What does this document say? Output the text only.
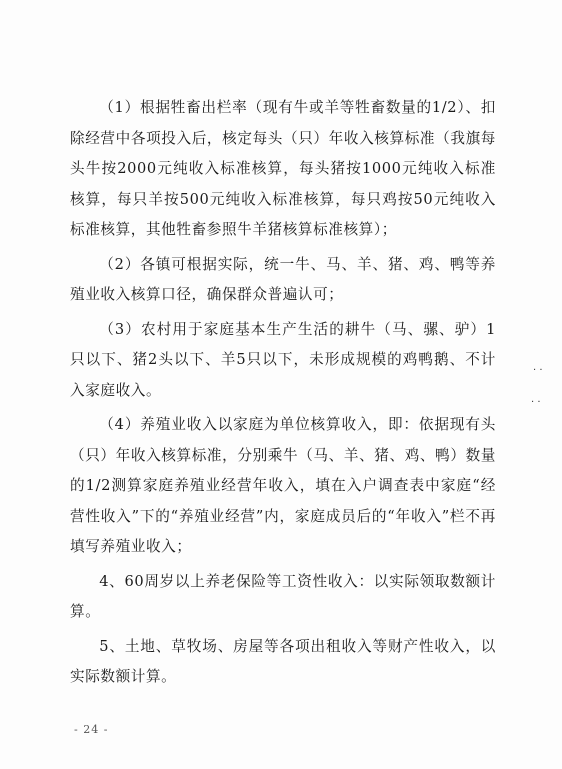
（1）根据牲畜出栏率（现有牛或羊等牲畜数量的1/2）、扣除经营中各项投入后，核定每头（只）年收入核算标准（我旗每头牛按2000元纯收入标准核算，每头猪按1000元纯收入标准核算，每只羊按500元纯收入标准核算，每只鸡按50元纯收入标准核算，其他牲畜参照牛羊猪核算标准核算）；

（2）各镇可根据实际，统一牛、马、羊、猪、鸡、鸭等养殖业收入核算口径，确保群众普遍认可；

（3）农村用于家庭基本生产生活的耕牛（马、骡、驴）1只以下、猪2头以下、羊5只以下，未形成规模的鸡鸭鹅、不计入家庭收入。

（4）养殖业收入以家庭为单位核算收入，即：依据现有头（只）年收入核算标准，分别乘牛（马、羊、猪、鸡、鸭）数量的1/2测算家庭养殖业经营年收入，填在入户调查表中家庭“经营性收入”下的“养殖业经营”内，家庭成员后的“年收入”栏不再填写养殖业收入；

4、60周岁以上养老保险等工资性收入：以实际领取数额计算。

5、土地、草牧场、房屋等各项出租收入等财产性收入，以实际数额计算。

· ·
· ·
- 24 -
